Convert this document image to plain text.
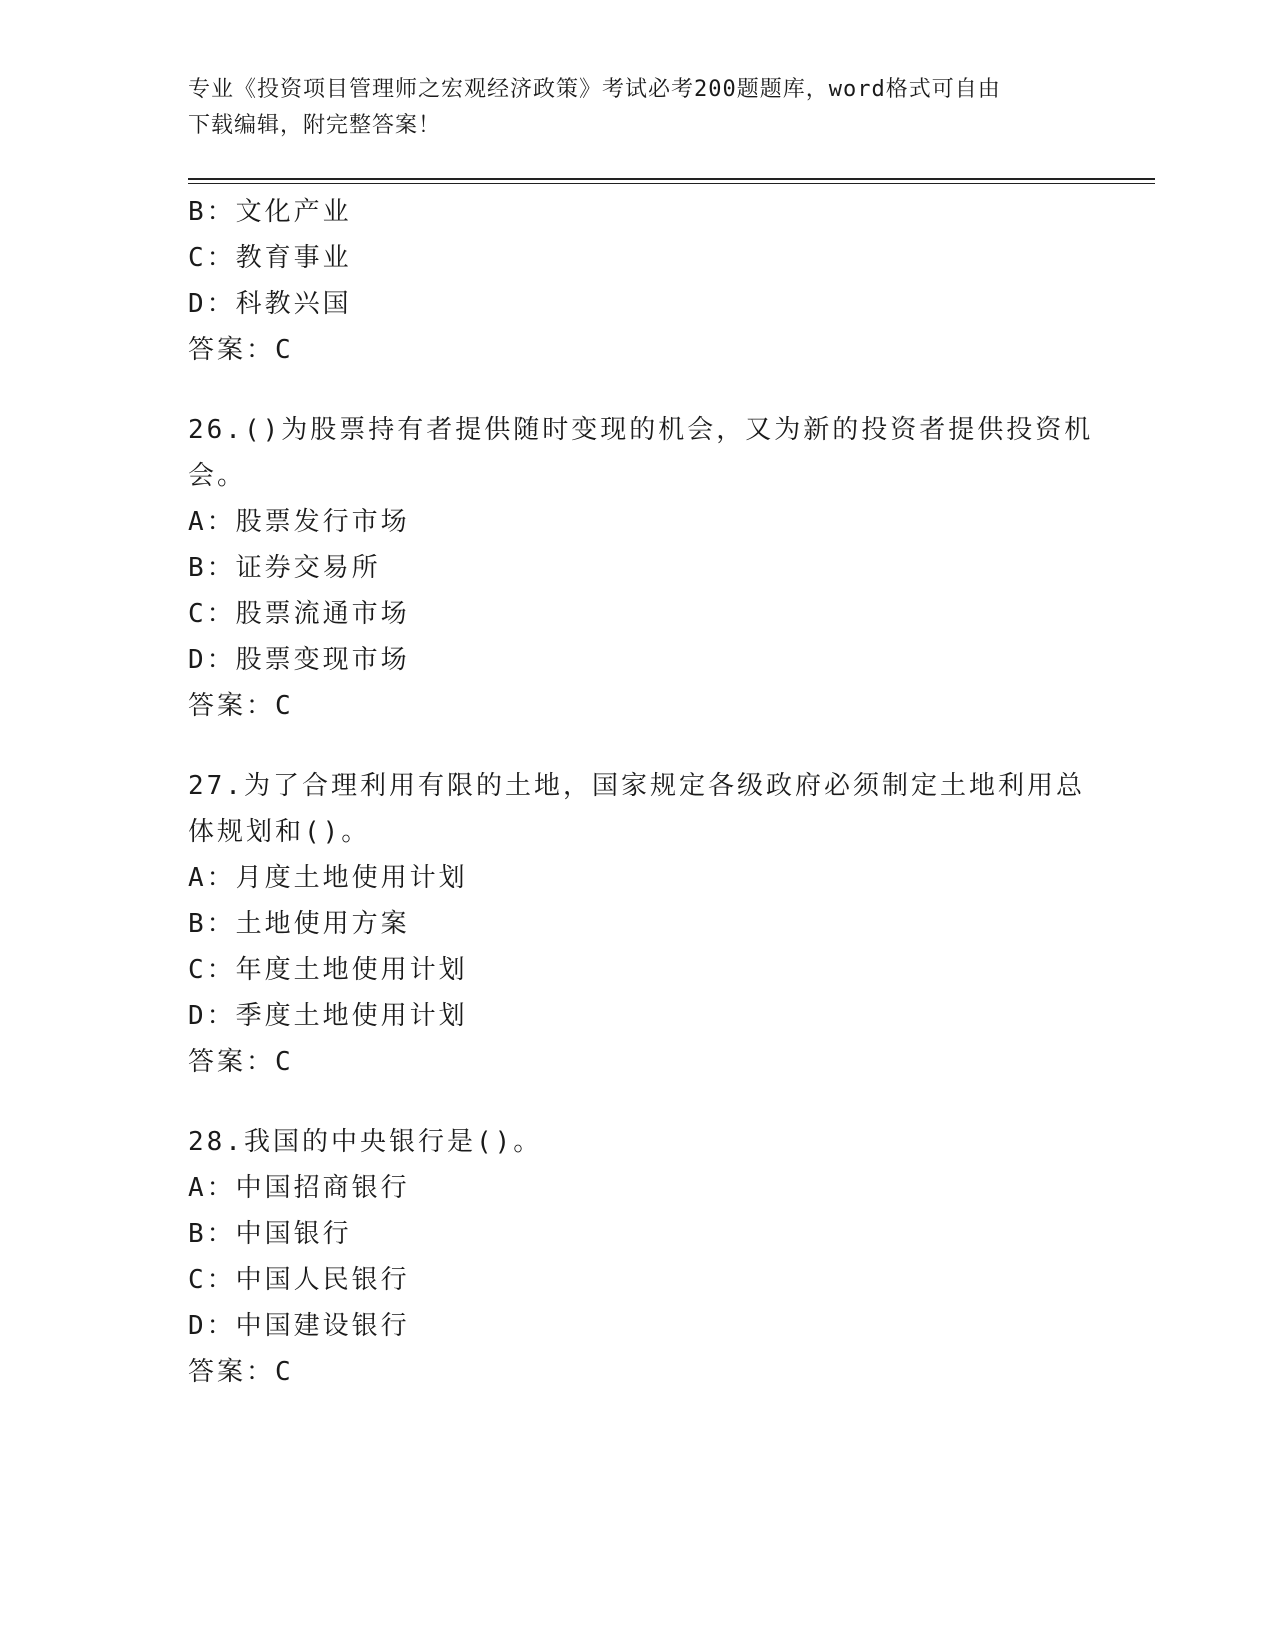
专业《投资项目管理师之宏观经济政策》考试必考200题题库，word格式可自由
下载编辑，附完整答案！
B：文化产业
C：教育事业
D：科教兴国
答案：C
26.()为股票持有者提供随时变现的机会，又为新的投资者提供投资机
会。
A：股票发行市场
B：证券交易所
C：股票流通市场
D：股票变现市场
答案：C
27.为了合理利用有限的土地，国家规定各级政府必须制定土地利用总
体规划和()。
A：月度土地使用计划
B：土地使用方案
C：年度土地使用计划
D：季度土地使用计划
答案：C
28.我国的中央银行是()。
A：中国招商银行
B：中国银行
C：中国人民银行
D：中国建设银行
答案：C
